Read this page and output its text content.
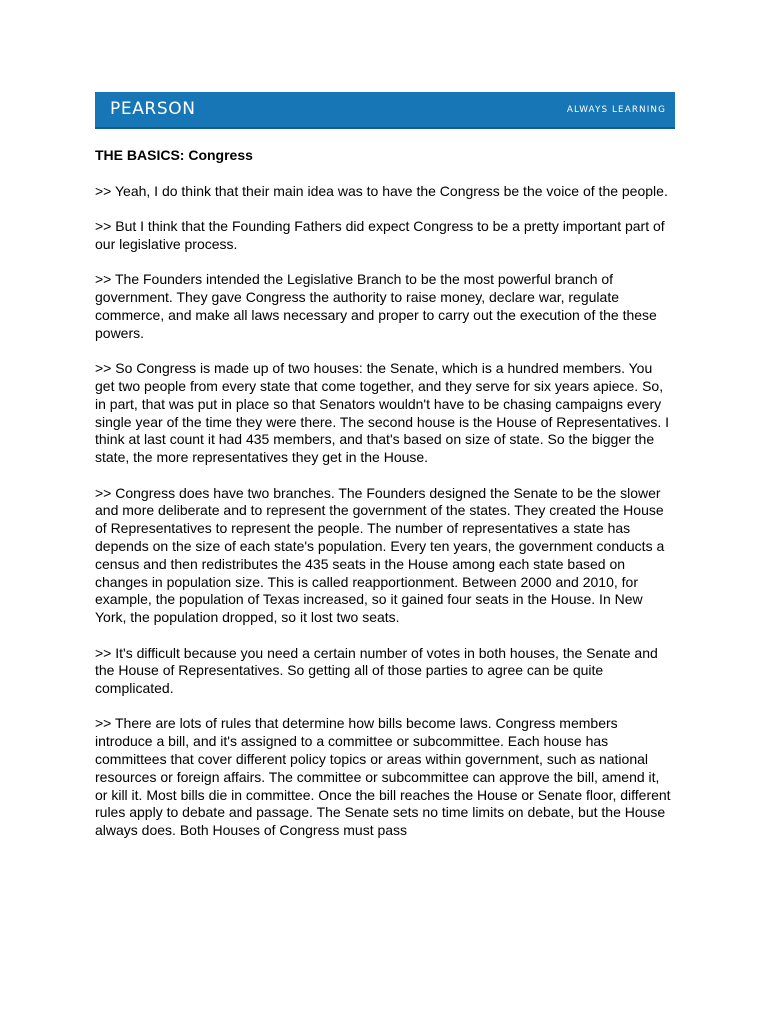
PEARSON	ALWAYS LEARNING
THE BASICS: Congress

>> Yeah, I do think that their main idea was to have the Congress be the voice of the people.

>> But I think that the Founding Fathers did expect Congress to be a pretty important part of our legislative process.

>> The Founders intended the Legislative Branch to be the most powerful branch of government. They gave Congress the authority to raise money, declare war, regulate commerce, and make all laws necessary and proper to carry out the execution of the these powers.

>> So Congress is made up of two houses: the Senate, which is a hundred members. You get two people from every state that come together, and they serve for six years apiece. So, in part, that was put in place so that Senators wouldn't have to be chasing campaigns every single year of the time they were there. The second house is the House of Representatives. I think at last count it had 435 members, and that's based on size of state. So the bigger the state, the more representatives they get in the House.

>> Congress does have two branches. The Founders designed the Senate to be the slower and more deliberate and to represent the government of the states. They created the House of Representatives to represent the people. The number of representatives a state has depends on the size of each state's population. Every ten years, the government conducts a census and then redistributes the 435 seats in the House among each state based on changes in population size. This is called reapportionment. Between 2000 and 2010, for example, the population of Texas increased, so it gained four seats in the House. In New York, the population dropped, so it lost two seats.

>> It's difficult because you need a certain number of votes in both houses, the Senate and the House of Representatives. So getting all of those parties to agree can be quite complicated.

>> There are lots of rules that determine how bills become laws. Congress members introduce a bill, and it's assigned to a committee or subcommittee. Each house has committees that cover different policy topics or areas within government, such as national resources or foreign affairs. The committee or subcommittee can approve the bill, amend it, or kill it. Most bills die in committee. Once the bill reaches the House or Senate floor, different rules apply to debate and passage. The Senate sets no time limits on debate, but the House always does. Both Houses of Congress must pass
